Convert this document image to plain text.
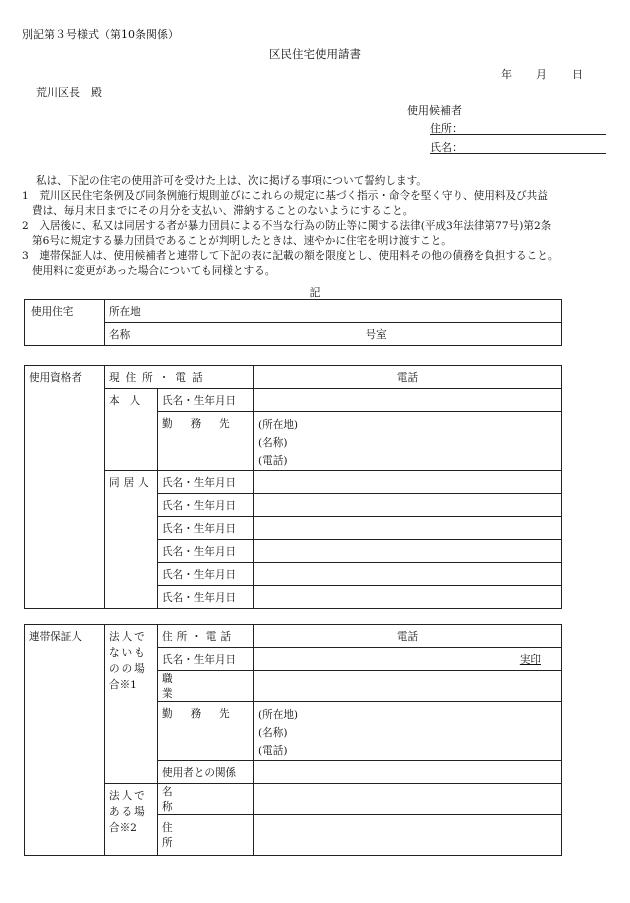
別記第３号様式（第10条関係）
区民住宅使用請書
年 月 日
荒川区長　殿
使用候補者
住所：
氏名：
私は、下記の住宅の使用許可を受けた上は、次に掲げる事項について誓約します。
1　荒川区民住宅条例及び同条例施行規則並びにこれらの規定に基づく指示・命令を堅く守り、使用料及び共益
費は、毎月末日までにその月分を支払い、滞納することのないようにすること。
2　入居後に、私又は同居する者が暴力団員による不当な行為の防止等に関する法律(平成3年法律第77号)第2条
第6号に規定する暴力団員であることが判明したときは、速やかに住宅を明け渡すこと。
3　連帯保証人は、使用候補者と連帯して下記の表に記載の額を限度とし、使用料その他の債務を負担すること。
使用料に変更があった場合についても同様とする。
記
使用住宅	所在地
名称	号室
使用資格者	現住所・電話		電話
	本人	氏名・生年月日	
		勤務先	(所在地)
(名称)
(電話)

	同居人	氏名・生年月日	
		氏名・生年月日	
		氏名・生年月日	
		氏名・生年月日	
		氏名・生年月日	
		氏名・生年月日	
連帯保証人	法人で
ないも
のの場
合※1	住所・電話	電話
		氏名・生年月日	実印
		職業	
		勤務先	(所在地)
(名称)
(電話)

		使用者との関係	

	法人で
ある場
合※2	名称	
		住所	
